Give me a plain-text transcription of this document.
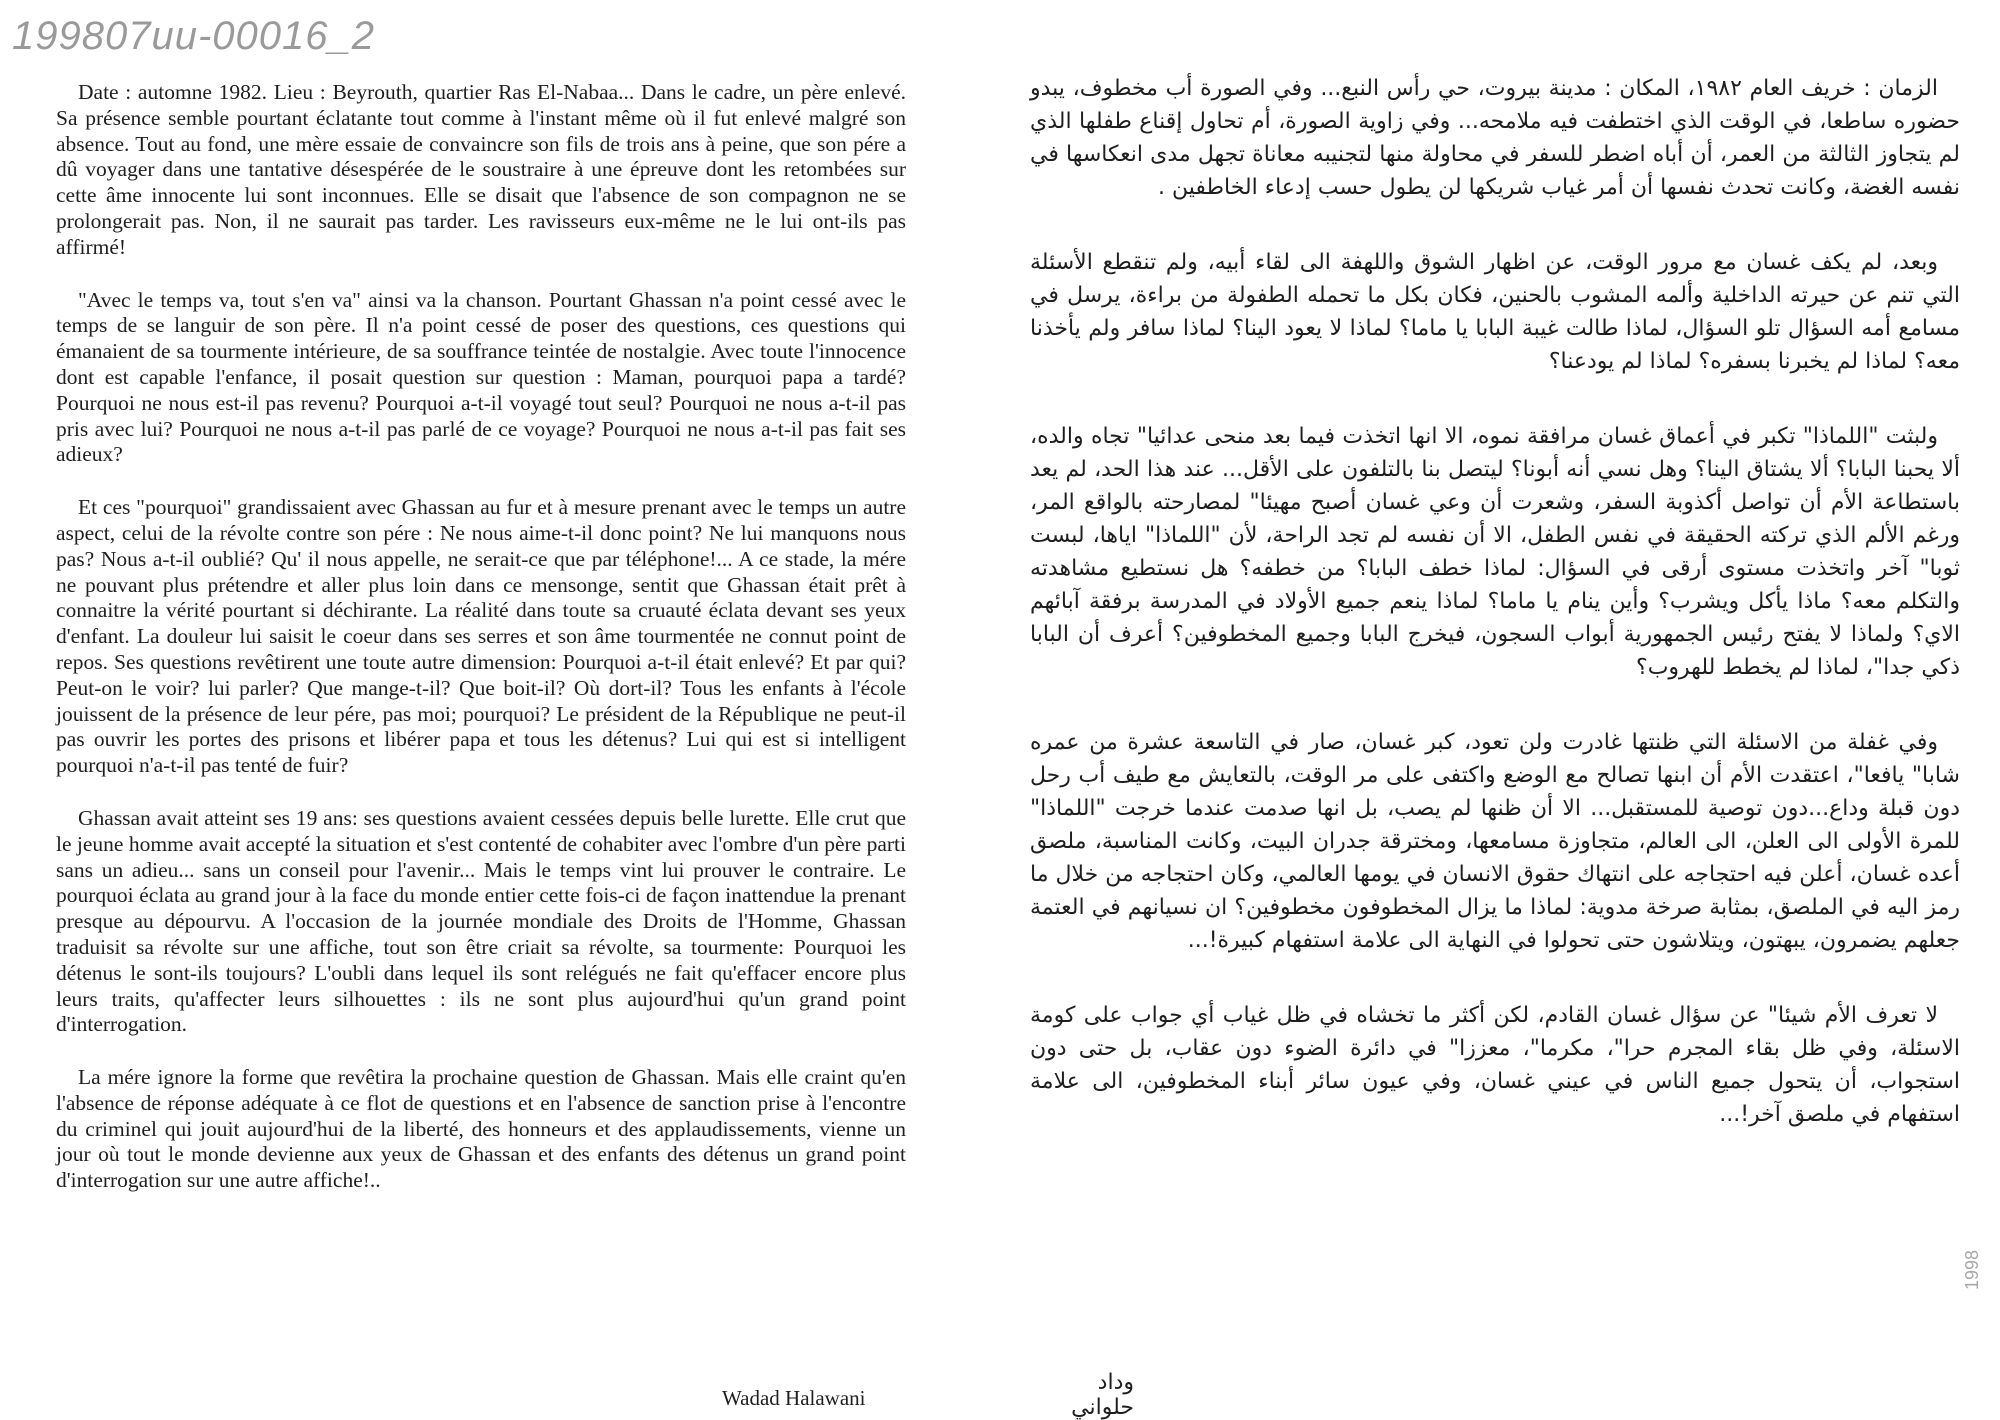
199807uu-00016_2

Date : automne 1982. Lieu : Beyrouth, quartier Ras El-Nabaa... Dans le cadre, un père enlevé. Sa présence semble pourtant éclatante tout comme à l'instant même où il fut enlevé malgré son absence. Tout au fond, une mère essaie de convaincre son fils de trois ans à peine, que son pére a dû voyager dans une tantative désespérée de le soustraire à une épreuve dont les retombées sur cette âme innocente lui sont inconnues. Elle se disait que l'absence de son compagnon ne se prolongerait pas. Non, il ne saurait pas tarder. Les ravisseurs eux-même ne le lui ont-ils pas affirmé!

"Avec le temps va, tout s'en va" ainsi va la chanson. Pourtant Ghassan n'a point cessé avec le temps de se languir de son père. Il n'a point cessé de poser des questions, ces questions qui émanaient de sa tourmente intérieure, de sa souffrance teintée de nostalgie. Avec toute l'innocence dont est capable l'enfance, il posait question sur question : Maman, pourquoi papa a tardé? Pourquoi ne nous est-il pas revenu? Pourquoi a-t-il voyagé tout seul? Pourquoi ne nous a-t-il pas pris avec lui? Pourquoi ne nous a-t-il pas parlé de ce voyage? Pourquoi ne nous a-t-il pas fait ses adieux?

Et ces "pourquoi" grandissaient avec Ghassan au fur et à mesure prenant avec le temps un autre aspect, celui de la révolte contre son pére : Ne nous aime-t-il donc point? Ne lui manquons nous pas? Nous a-t-il oublié? Qu' il nous appelle, ne serait-ce que par téléphone!... A ce stade, la mére ne pouvant plus prétendre et aller plus loin dans ce mensonge, sentit que Ghassan était prêt à connaitre la vérité pourtant si déchirante. La réalité dans toute sa cruauté éclata devant ses yeux d'enfant. La douleur lui saisit le coeur dans ses serres et son âme tourmentée ne connut point de repos. Ses questions revêtirent une toute autre dimension: Pourquoi a-t-il était enlevé? Et par qui? Peut-on le voir? lui parler? Que mange-t-il? Que boit-il? Où dort-il? Tous les enfants à l'école jouissent de la présence de leur pére, pas moi; pourquoi? Le président de la République ne peut-il pas ouvrir les portes des prisons et libérer papa et tous les détenus? Lui qui est si intelligent pourquoi n'a-t-il pas tenté de fuir?

Ghassan avait atteint ses 19 ans: ses questions avaient cessées depuis belle lurette. Elle crut que le jeune homme avait accepté la situation et s'est contenté de cohabiter avec l'ombre d'un père parti sans un adieu... sans un conseil pour l'avenir... Mais le temps vint lui prouver le contraire. Le pourquoi éclata au grand jour à la face du monde entier cette fois-ci de façon inattendue la prenant presque au dépourvu. A l'occasion de la journée mondiale des Droits de l'Homme, Ghassan traduisit sa révolte sur une affiche, tout son être criait sa révolte, sa tourmente: Pourquoi les détenus le sont-ils toujours? L'oubli dans lequel ils sont relégués ne fait qu'effacer encore plus leurs traits, qu'affecter leurs silhouettes : ils ne sont plus aujourd'hui qu'un grand point d'interrogation.

La mére ignore la forme que revêtira la prochaine question de Ghassan. Mais elle craint qu'en l'absence de réponse adéquate à ce flot de questions et en l'absence de sanction prise à l'encontre du criminel qui jouit aujourd'hui de la liberté, des honneurs et des applaudissements, vienne un jour où tout le monde devienne aux yeux de Ghassan et des enfants des détenus un grand point d'interrogation sur une autre affiche!..

Wadad Halawani

الزمان : خريف العام ١٩٨٢، المكان : مدينة بيروت، حي رأس النبع... وفي الصورة أب مخطوف، يبدو حضوره ساطعا، في الوقت الذي اختطفت فيه ملامحه... وفي زاوية الصورة، أم تحاول إقناع طفلها الذي لم يتجاوز الثالثة من العمر، أن أباه اضطر للسفر في محاولة منها لتجنيبه معاناة تجهل مدى انعكاسها في نفسه الغضة، وكانت تحدث نفسها أن أمر غياب شريكها لن يطول حسب إدعاء الخاطفين .

وبعد، لم يكف غسان مع مرور الوقت، عن اظهار الشوق واللهفة الى لقاء أبيه، ولم تنقطع الأسئلة التي تنم عن حيرته الداخلية وألمه المشوب بالحنين، فكان بكل ما تحمله الطفولة من براءة، يرسل في مسامع أمه السؤال تلو السؤال، لماذا طالت غيبة البابا يا ماما؟ لماذا لا يعود الينا؟ لماذا سافر ولم يأخذنا معه؟ لماذا لم يخبرنا بسفره؟ لماذا لم يودعنا؟

ولبثت "اللماذا" تكبر في أعماق غسان مرافقة نموه، الا انها اتخذت فيما بعد منحى عدائيا" تجاه والده، ألا يحبنا البابا؟ ألا يشتاق الينا؟ وهل نسي أنه أبونا؟ ليتصل بنا بالتلفون على الأقل... عند هذا الحد، لم يعد باستطاعة الأم أن تواصل أكذوبة السفر، وشعرت أن وعي غسان أصبح مهيئا" لمصارحته بالواقع المر، ورغم الألم الذي تركته الحقيقة في نفس الطفل، الا أن نفسه لم تجد الراحة، لأن "اللماذا" اياها، لبست ثوبا" آخر واتخذت مستوى أرقى في السؤال: لماذا خطف البابا؟ من خطفه؟ هل نستطيع مشاهدته والتكلم معه؟ ماذا يأكل ويشرب؟ وأين ينام يا ماما؟ لماذا ينعم جميع الأولاد في المدرسة برفقة آبائهم الاي؟ ولماذا لا يفتح رئيس الجمهورية أبواب السجون، فيخرج البابا وجميع المخطوفين؟ أعرف أن البابا ذكي جدا"، لماذا لم يخطط للهروب؟

وفي غفلة من الاسئلة التي ظنتها غادرت ولن تعود، كبر غسان، صار في التاسعة عشرة من عمره شابا" يافعا"، اعتقدت الأم أن ابنها تصالح مع الوضع واكتفى على مر الوقت، بالتعايش مع طيف أب رحل دون قبلة وداع...دون توصية للمستقبل... الا أن ظنها لم يصب، بل انها صدمت عندما خرجت "اللماذا" للمرة الأولى الى العلن، الى العالم، متجاوزة مسامعها، ومخترقة جدران البيت، وكانت المناسبة، ملصق أعده غسان، أعلن فيه احتجاجه على انتهاك حقوق الانسان في يومها العالمي، وكان احتجاجه من خلال ما رمز اليه في الملصق، بمثابة صرخة مدوية: لماذا ما يزال المخطوفون مخطوفين؟ ان نسيانهم في العتمة جعلهم يضمرون، يبهتون، ويتلاشون حتى تحولوا في النهاية الى علامة استفهام كبيرة!...

لا تعرف الأم شيئا" عن سؤال غسان القادم، لكن أكثر ما تخشاه في ظل غياب أي جواب على كومة الاسئلة، وفي ظل بقاء المجرم حرا"، مكرما"، معززا" في دائرة الضوء دون عقاب، بل حتى دون استجواب، أن يتحول جميع الناس في عيني غسان، وفي عيون سائر أبناء المخطوفين، الى علامة استفهام في ملصق آخر!...

وداد حلواني
1998
